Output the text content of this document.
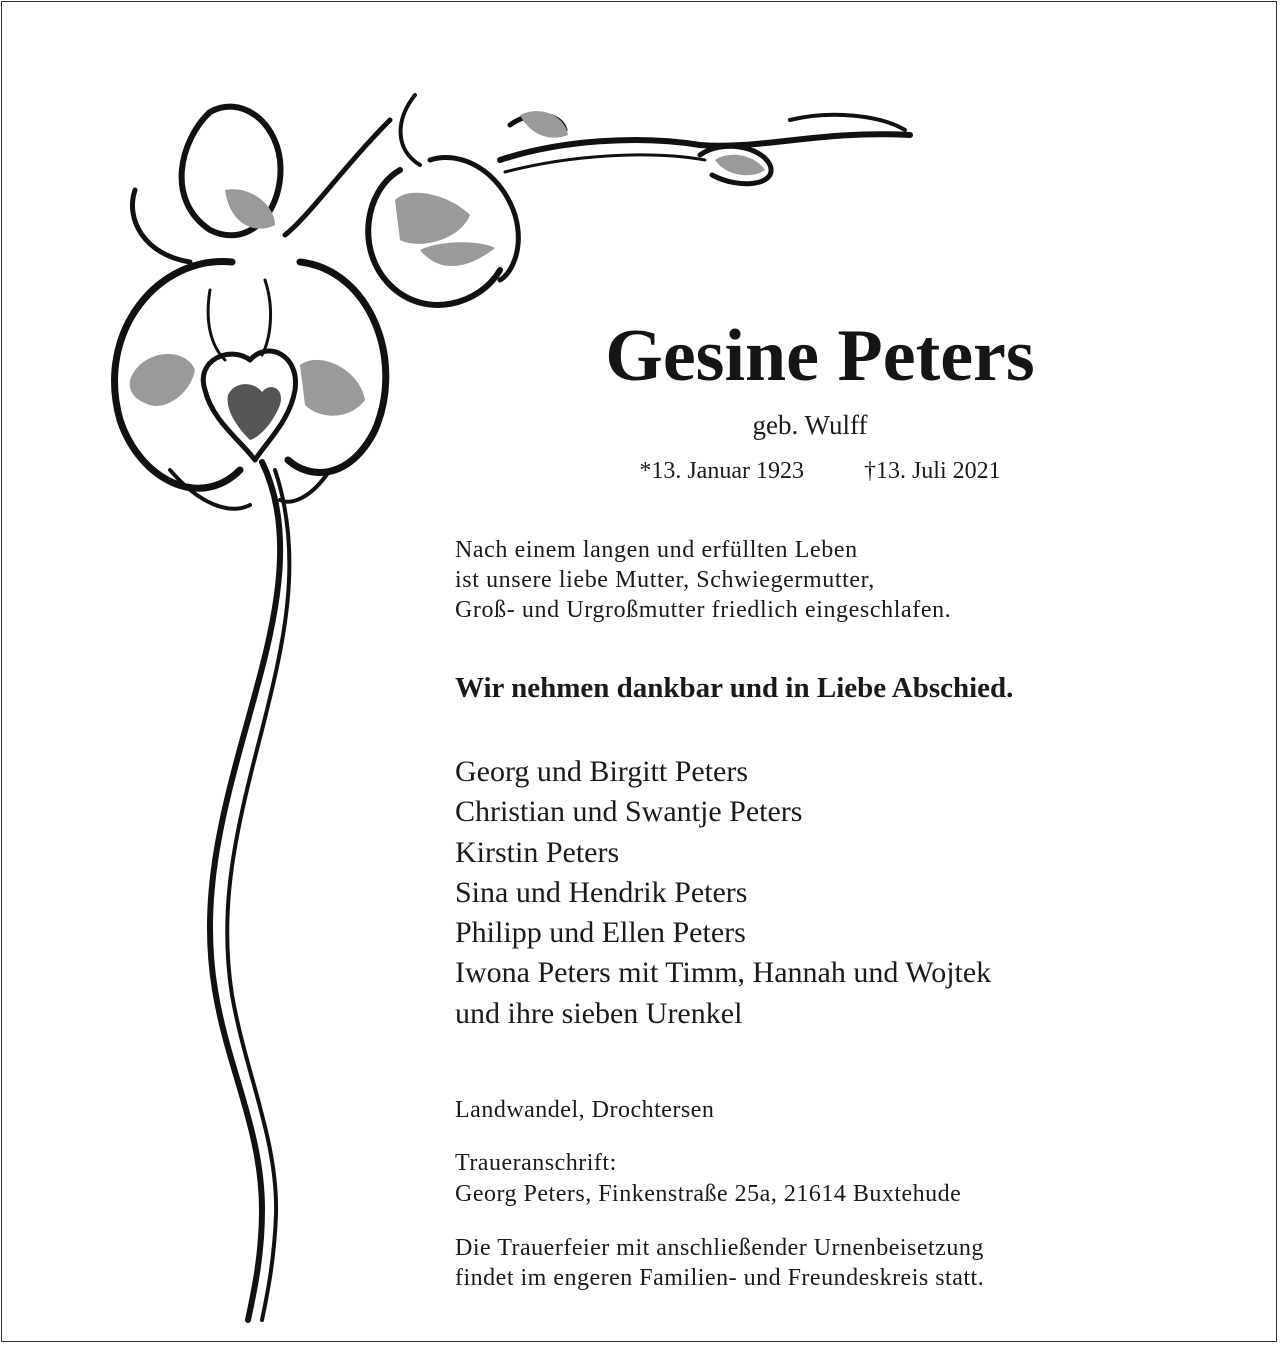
Gesine Peters
geb. Wulff
*13. Januar 1923	†13. Juli 2021
Nach einem langen und erfüllten Leben
ist unsere liebe Mutter, Schwiegermutter,
Groß- und Urgroßmutter friedlich eingeschlafen.
Wir nehmen dankbar und in Liebe Abschied.
Georg und Birgitt Peters
Christian und Swantje Peters
Kirstin Peters
Sina und Hendrik Peters
Philipp und Ellen Peters
Iwona Peters mit Timm, Hannah und Wojtek
und ihre sieben Urenkel
Landwandel, Drochtersen
Traueranschrift:
Georg Peters, Finkenstraße 25a, 21614 Buxtehude
Die Trauerfeier mit anschließender Urnenbeisetzung
findet im engeren Familien- und Freundeskreis statt.
